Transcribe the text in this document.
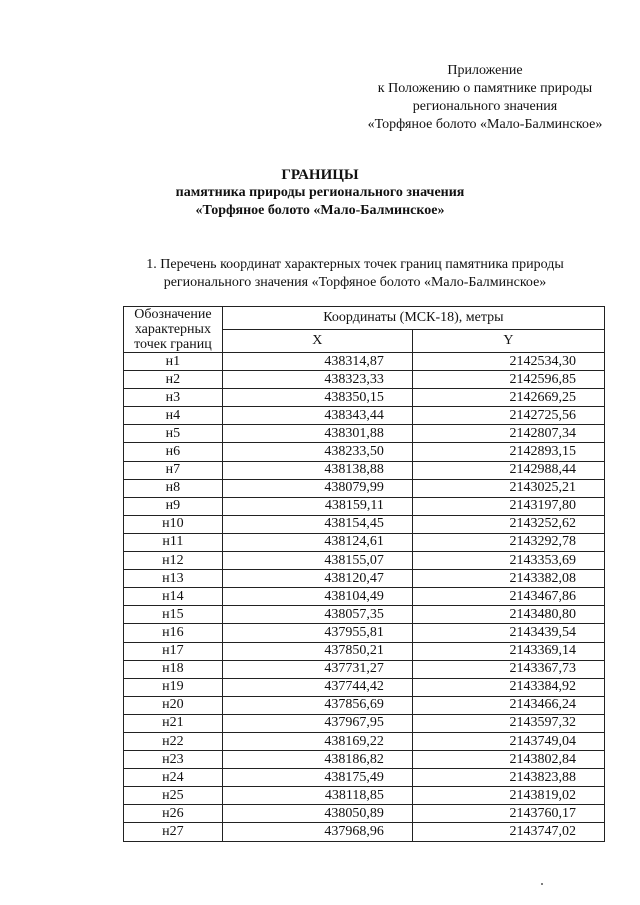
Приложение
к Положению о памятнике природы
регионального значения
«Торфяное болото «Мало-Балминское»
ГРАНИЦЫ
памятника природы регионального значения
«Торфяное болото «Мало-Балминское»
1. Перечень координат характерных точек границ памятника природы
регионального значения «Торфяное болото «Мало-Балминское»
Обозначение характерных точек границ	Координаты (МСК-18), метры	
	X	Y
н1	438314,87	2142534,30
н2	438323,33	2142596,85
н3	438350,15	2142669,25
н4	438343,44	2142725,56
н5	438301,88	2142807,34
н6	438233,50	2142893,15
н7	438138,88	2142988,44
н8	438079,99	2143025,21
н9	438159,11	2143197,80
н10	438154,45	2143252,62
н11	438124,61	2143292,78
н12	438155,07	2143353,69
н13	438120,47	2143382,08
н14	438104,49	2143467,86
н15	438057,35	2143480,80
н16	437955,81	2143439,54
н17	437850,21	2143369,14
н18	437731,27	2143367,73
н19	437744,42	2143384,92
н20	437856,69	2143466,24
н21	437967,95	2143597,32
н22	438169,22	2143749,04
н23	438186,82	2143802,84
н24	438175,49	2143823,88
н25	438118,85	2143819,02
н26	438050,89	2143760,17
н27	437968,96	2143747,02
